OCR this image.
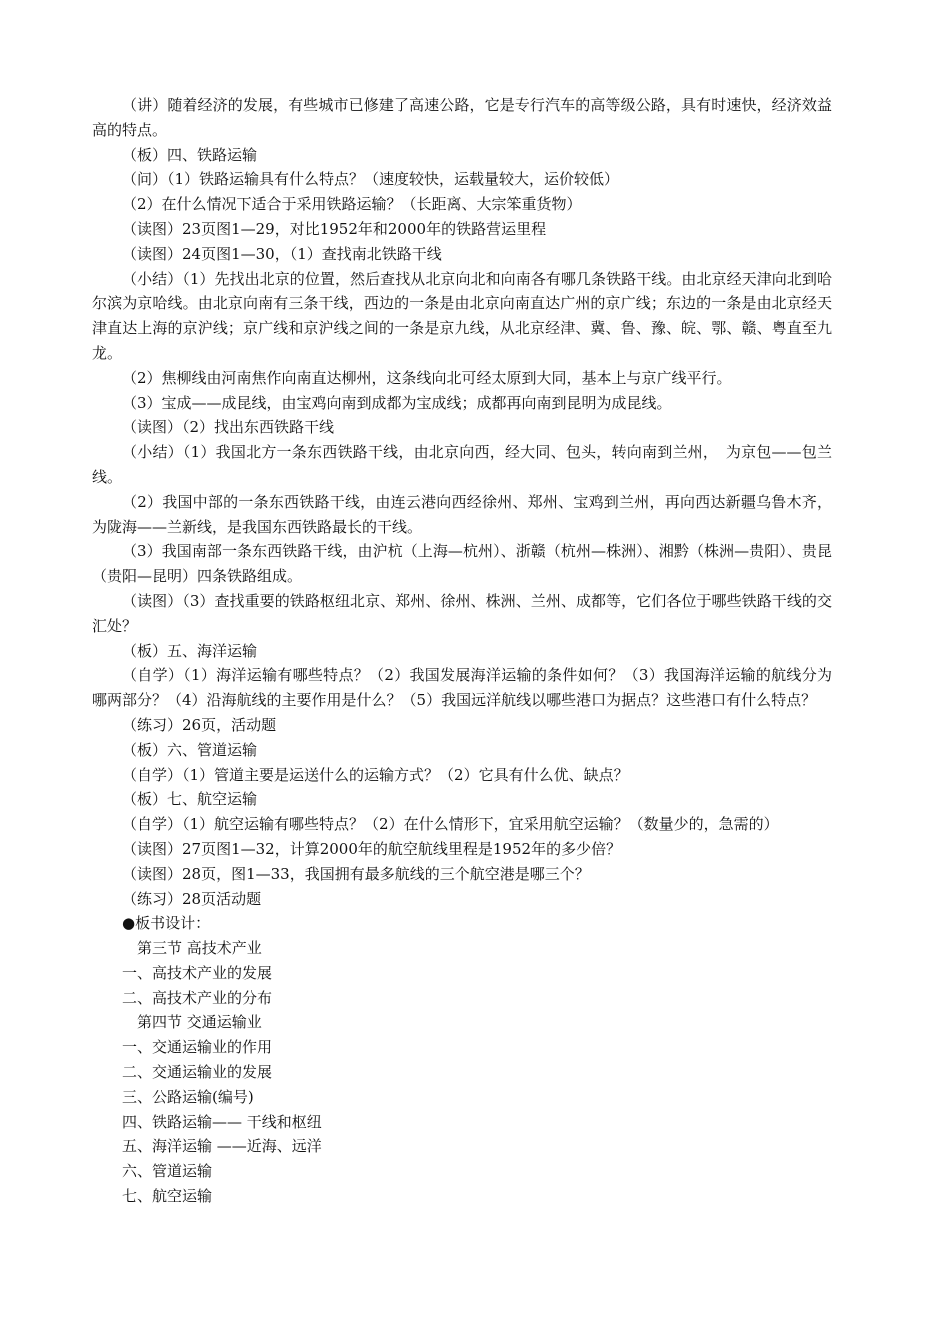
（讲）随着经济的发展，有些城市已修建了高速公路，它是专行汽车的高等级公路，具有时速快，经济效益高的特点。

（板）四、铁路运输

（问）（1）铁路运输具有什么特点？（速度较快，运载量较大，运价较低）

（2）在什么情况下适合于采用铁路运输？（长距离、大宗笨重货物）

（读图）23页图1—29，对比1952年和2000年的铁路营运里程

（读图）24页图1—30，（1）查找南北铁路干线

（小结）（1）先找出北京的位置，然后查找从北京向北和向南各有哪几条铁路干线。由北京经天津向北到哈尔滨为京哈线。由北京向南有三条干线，西边的一条是由北京向南直达广州的京广线；东边的一条是由北京经天津直达上海的京沪线；京广线和京沪线之间的一条是京九线，从北京经津、冀、鲁、豫、皖、鄂、赣、粤直至九龙。

（2）焦柳线由河南焦作向南直达柳州，这条线向北可经太原到大同，基本上与京广线平行。

（3）宝成——成昆线，由宝鸡向南到成都为宝成线；成都再向南到昆明为成昆线。

（读图）（2）找出东西铁路干线

（小结）（1）我国北方一条东西铁路干线，由北京向西，经大同、包头，转向南到兰州，　为京包——包兰线。

（2）我国中部的一条东西铁路干线，由连云港向西经徐州、郑州、宝鸡到兰州，再向西达新疆乌鲁木齐，为陇海——兰新线，是我国东西铁路最长的干线。

（3）我国南部一条东西铁路干线，由沪杭（上海—杭州）、浙赣（杭州—株洲）、湘黔（株洲—贵阳）、贵昆（贵阳—昆明）四条铁路组成。

（读图）（3）查找重要的铁路枢纽北京、郑州、徐州、株洲、兰州、成都等，它们各位于哪些铁路干线的交汇处？

（板）五、海洋运输

（自学）（1）海洋运输有哪些特点？（2）我国发展海洋运输的条件如何？（3）我国海洋运输的航线分为哪两部分？（4）沿海航线的主要作用是什么？（5）我国远洋航线以哪些港口为据点？这些港口有什么特点？

（练习）26页，活动题

（板）六、管道运输

（自学）（1）管道主要是运送什么的运输方式？（2）它具有什么优、缺点？

（板）七、航空运输

（自学）（1）航空运输有哪些特点？（2）在什么情形下，宜采用航空运输？（数量少的，急需的）

（读图）27页图1—32，计算2000年的航空航线里程是1952年的多少倍？

（读图）28页，图1—33，我国拥有最多航线的三个航空港是哪三个？

（练习）28页活动题

●板书设计：

第三节 高技术产业

一、高技术产业的发展

二、高技术产业的分布

第四节 交通运输业

一、交通运输业的作用

二、交通运输业的发展

三、公路运输(编号)

四、铁路运输—— 干线和枢纽

五、海洋运输 ——近海、远洋

六、管道运输

七、航空运输
